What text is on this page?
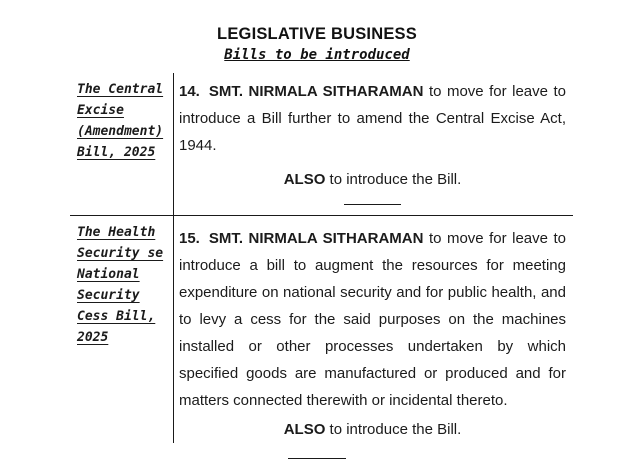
LEGISLATIVE BUSINESS
Bills to be introduced
The Central Excise (Amendment) Bill, 2025

14. SMT. NIRMALA SITHARAMAN to move for leave to introduce a Bill further to amend the Central Excise Act, 1944.

ALSO to introduce the Bill.

The Health Security se National Security Cess Bill, 2025

15. SMT. NIRMALA SITHARAMAN to move for leave to introduce a bill to augment the resources for meeting expenditure on national security and for public health, and to levy a cess for the said purposes on the machines installed or other processes undertaken by which specified goods are manufactured or produced and for matters connected therewith or incidental thereto.

ALSO to introduce the Bill.
